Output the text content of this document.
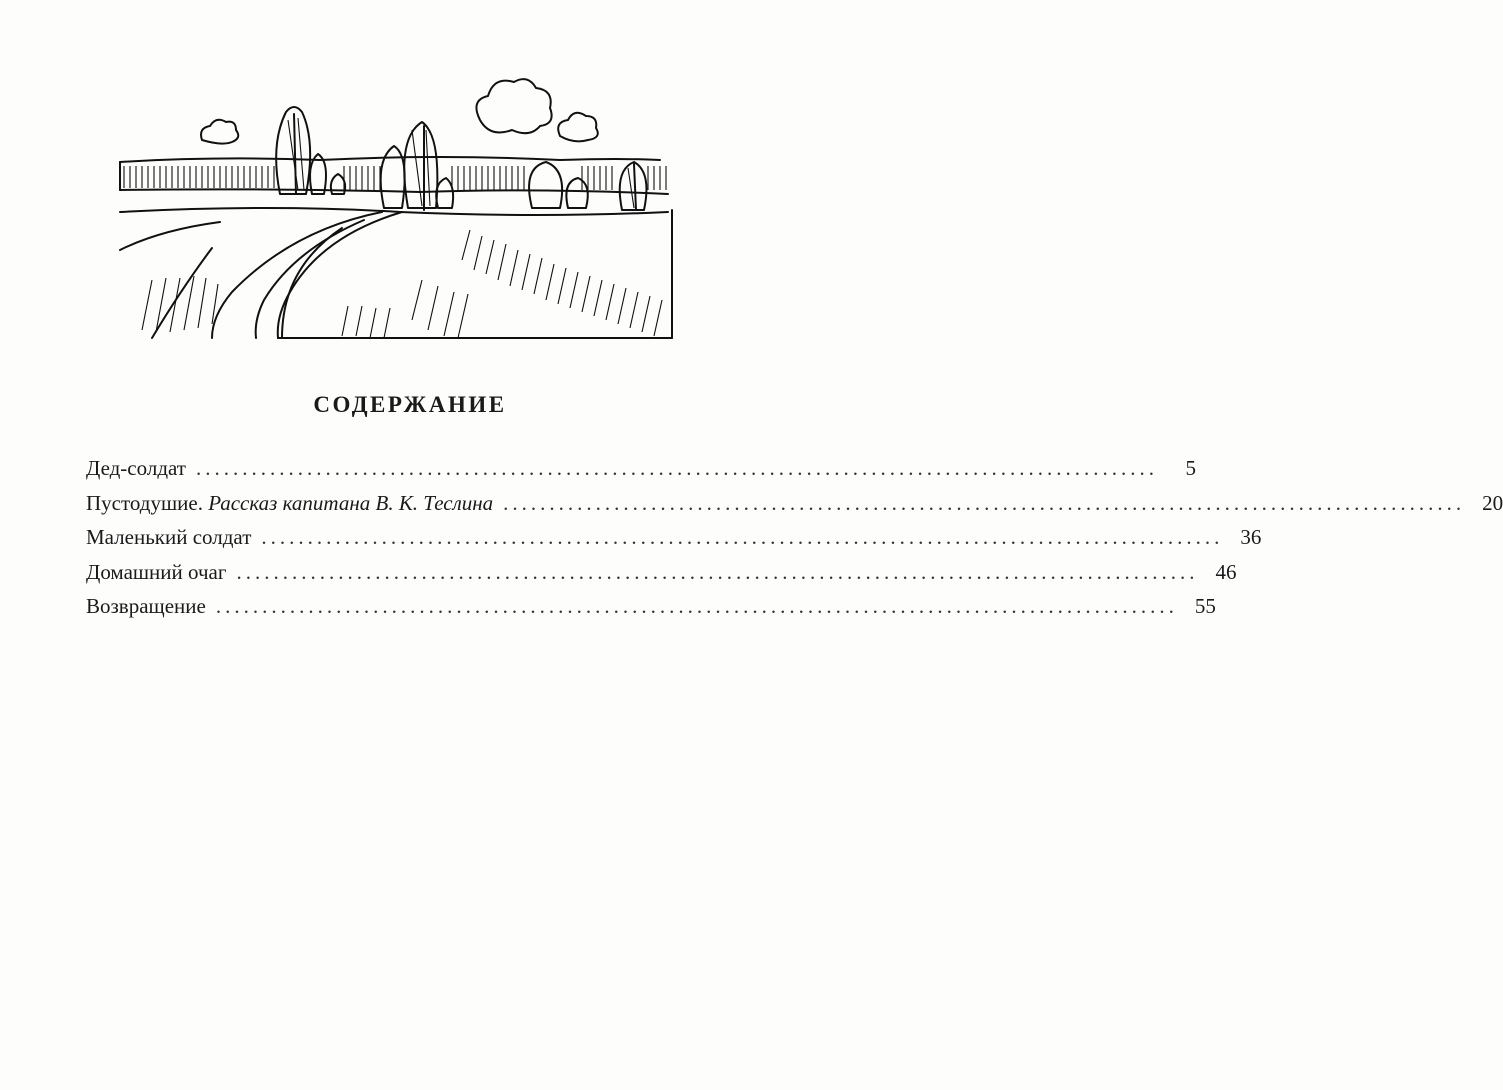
СОДЕРЖАНИЕ
Дед-солдат ........................................................................................................	5
Пустодушие. Рассказ капитана В. К. Теслина ........................................................................................................ 20
Маленький солдат ........................................................................................................ 36
Домашний очаг ........................................................................................................ 46
Возвращение ........................................................................................................ 55
